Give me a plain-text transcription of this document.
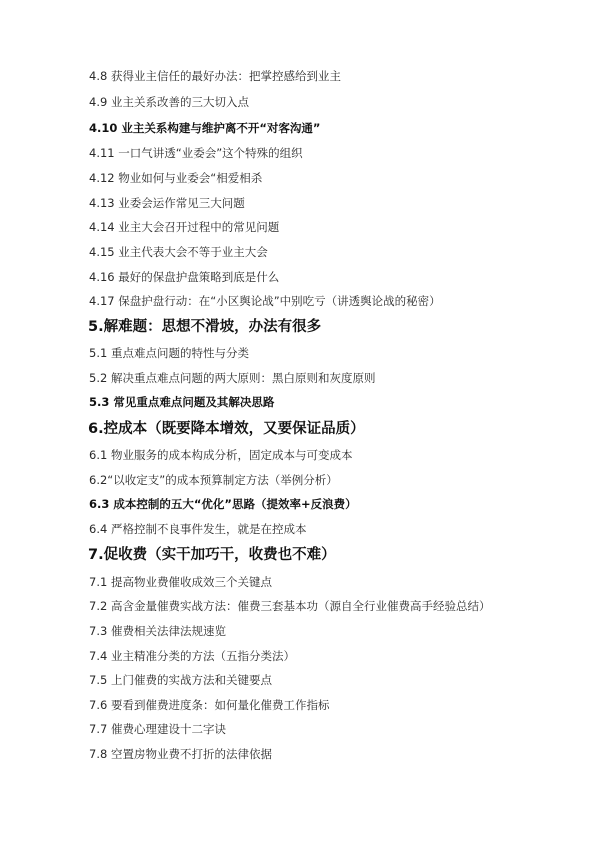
4.8 获得业主信任的最好办法：把掌控感给到业主
4.9 业主关系改善的三大切入点
4.10 业主关系构建与维护离不开“对客沟通”
4.11 一口气讲透“业委会”这个特殊的组织
4.12 物业如何与业委会“相爱相杀
4.13 业委会运作常见三大问题
4.14 业主大会召开过程中的常见问题
4.15 业主代表大会不等于业主大会
4.16 最好的保盘护盘策略到底是什么
4.17 保盘护盘行动：在“小区舆论战”中别吃亏（讲透舆论战的秘密）
5.解难题：思想不滑坡，办法有很多
5.1 重点难点问题的特性与分类
5.2 解决重点难点问题的两大原则：黑白原则和灰度原则
5.3 常见重点难点问题及其解决思路
6.控成本（既要降本增效，又要保证品质）
6.1 物业服务的成本构成分析，固定成本与可变成本
6.2“以收定支”的成本预算制定方法（举例分析）
6.3 成本控制的五大“优化”思路（提效率+反浪费）
6.4 严格控制不良事件发生，就是在控成本
7.促收费（实干加巧干，收费也不难）
7.1 提高物业费催收成效三个关键点
7.2 高含金量催费实战方法：催费三套基本功（源自全行业催费高手经验总结）
7.3 催费相关法律法规速览
7.4 业主精准分类的方法（五指分类法）
7.5 上门催费的实战方法和关键要点
7.6 要看到催费进度条：如何量化催费工作指标
7.7 催费心理建设十二字诀
7.8 空置房物业费不打折的法律依据
